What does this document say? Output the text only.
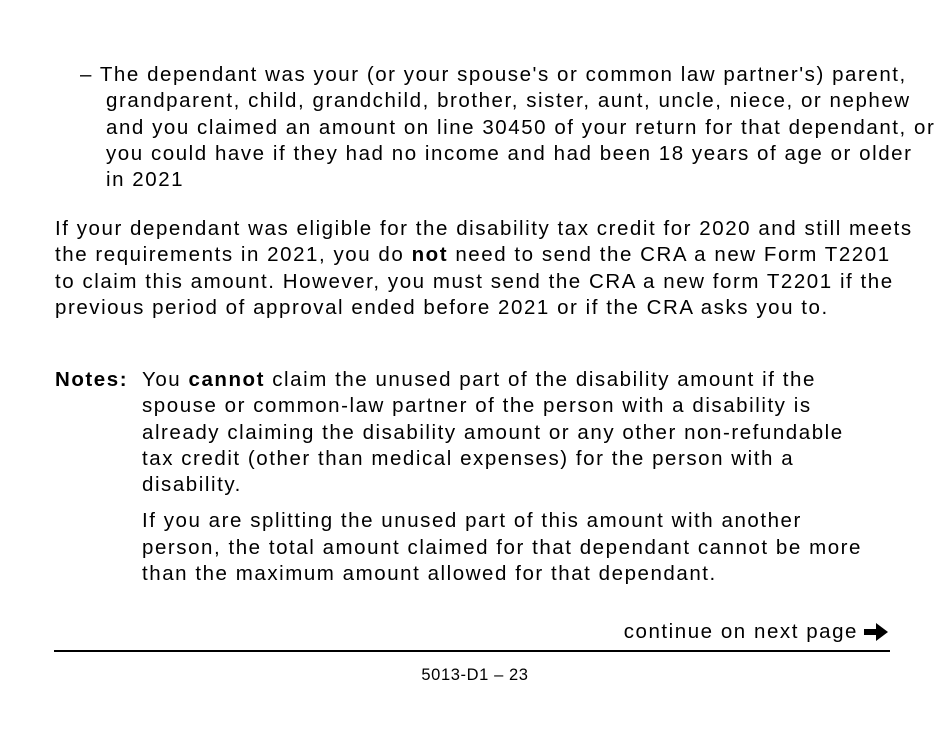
– The dependant was your (or your spouse's or common law partner's) parent, grandparent, child, grandchild, brother, sister, aunt, uncle, niece, or nephew and you claimed an amount on line 30450 of your return for that dependant, or you could have if they had no income and had been 18 years of age or older in 2021
If your dependant was eligible for the disability tax credit for 2020 and still meets the requirements in 2021, you do not need to send the CRA a new Form T2201 to claim this amount. However, you must send the CRA a new form T2201 if the previous period of approval ended before 2021 or if the CRA asks you to.

Notes: You cannot claim the unused part of the disability amount if the spouse or common-law partner of the person with a disability is already claiming the disability amount or any other non-refundable tax credit (other than medical expenses) for the person with a disability.
If you are splitting the unused part of this amount with another person, the total amount claimed for that dependant cannot be more than the maximum amount allowed for that dependant.
continue on next page
5013-D1 – 23
